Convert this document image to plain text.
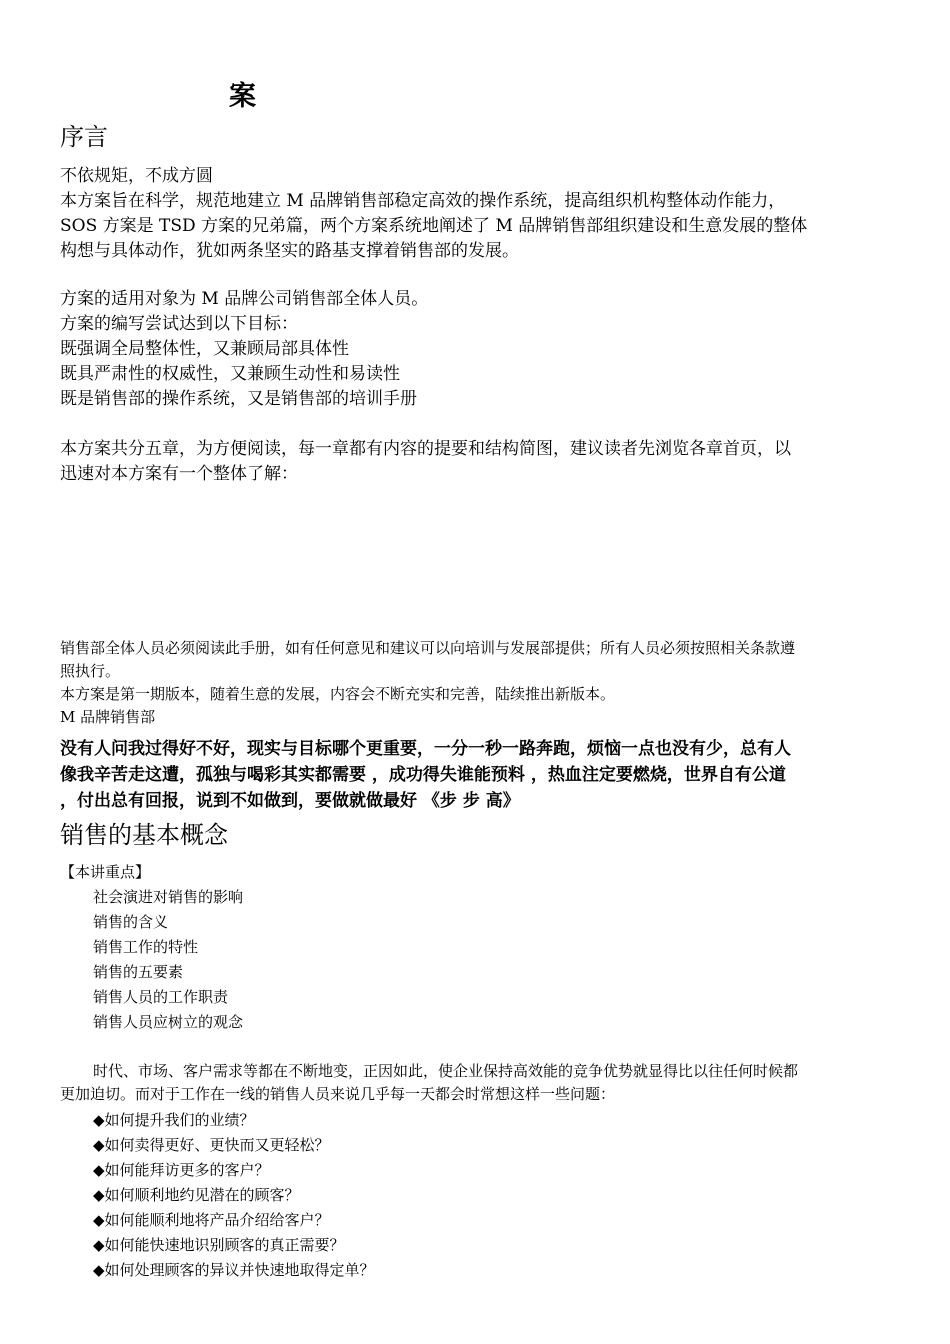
案
序言
不依规矩，不成方圆
本方案旨在科学，规范地建立 M 品牌销售部稳定高效的操作系统，提高组织机构整体动作能力，
SOS 方案是 TSD 方案的兄弟篇，两个方案系统地阐述了 M 品牌销售部组织建设和生意发展的整体
构想与具体动作，犹如两条坚实的路基支撑着销售部的发展。
方案的适用对象为 M 品牌公司销售部全体人员。
方案的编写尝试达到以下目标：
既强调全局整体性，又兼顾局部具体性
既具严肃性的权威性，又兼顾生动性和易读性
既是销售部的操作系统，又是销售部的培训手册
本方案共分五章，为方便阅读，每一章都有内容的提要和结构简图，建议读者先浏览各章首页，以
迅速对本方案有一个整体了解：
销售部全体人员必须阅读此手册，如有任何意见和建议可以向培训与发展部提供；所有人员必须按照相关条款遵
照执行。
本方案是第一期版本，随着生意的发展，内容会不断充实和完善，陆续推出新版本。
M 品牌销售部
没有人问我过得好不好，现实与目标哪个更重要，一分一秒一路奔跑，烦恼一点也没有少，总有人
像我辛苦走这遭，孤独与喝彩其实都需要 ，成功得失谁能预料 ，热血注定要燃烧，世界自有公道
，付出总有回报，说到不如做到，要做就做最好 《步 步 高》
销售的基本概念
【本讲重点】
社会演进对销售的影响
销售的含义
销售工作的特性
销售的五要素
销售人员的工作职责
销售人员应树立的观念
时代、市场、客户需求等都在不断地变，正因如此，使企业保持高效能的竞争优势就显得比以往任何时候都
更加迫切。而对于工作在一线的销售人员来说几乎每一天都会时常想这样一些问题：
◆如何提升我们的业绩？
◆如何卖得更好、更快而又更轻松？
◆如何能拜访更多的客户？
◆如何顺利地约见潜在的顾客？
◆如何能顺利地将产品介绍给客户？
◆如何能快速地识别顾客的真正需要？
◆如何处理顾客的异议并快速地取得定单？
